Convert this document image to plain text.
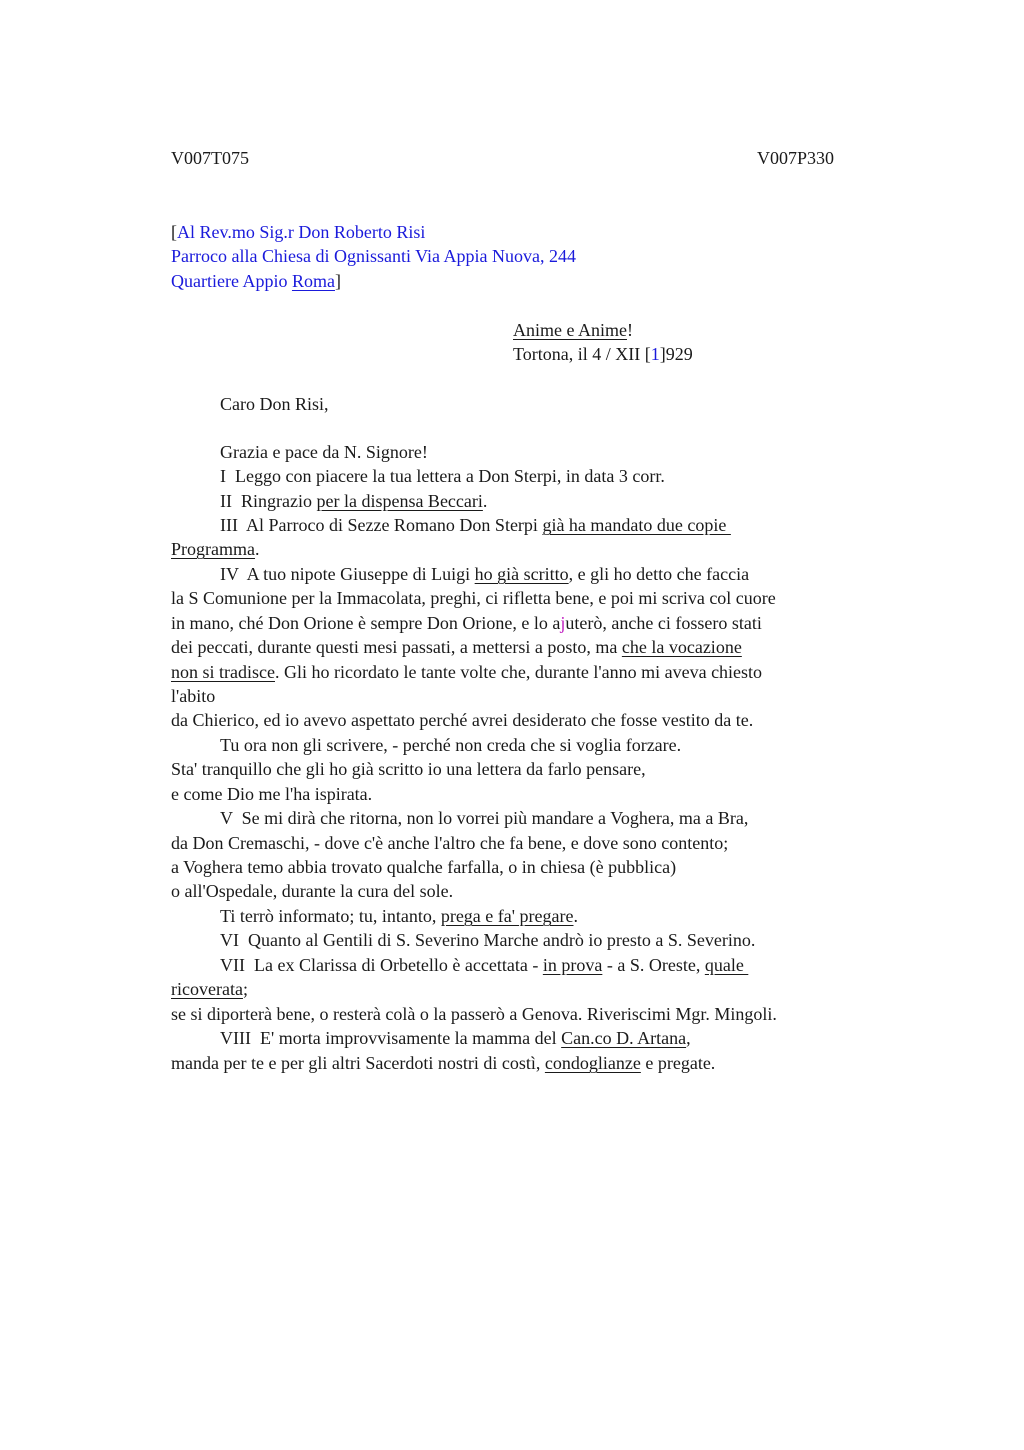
V007T075	V007P330
[Al Rev.mo Sig.r Don Roberto Risi
Parroco alla Chiesa di Ognissanti Via Appia Nuova, 244
Quartiere Appio Roma]
Anime e Anime!
Tortona, il 4 / XII [1]929
Caro Don Risi,
Grazia e pace da N. Signore!
I  Leggo con piacere la tua lettera a Don Sterpi, in data 3 corr.
II  Ringrazio per la dispensa Beccari.
III  Al Parroco di Sezze Romano Don Sterpi già ha mandato due copie
Programma.
IV  A tuo nipote Giuseppe di Luigi ho già scritto, e gli ho detto che faccia
la S Comunione per la Immacolata, preghi, ci rifletta bene, e poi mi scriva col cuore
in mano, ché Don Orione è sempre Don Orione, e lo ajuterò, anche ci fossero stati
dei peccati, durante questi mesi passati, a mettersi a posto, ma che la vocazione
non si tradisce. Gli ho ricordato le tante volte che, durante l'anno mi aveva chiesto
l'abito
da Chierico, ed io avevo aspettato perché avrei desiderato che fosse vestito da te.
Tu ora non gli scrivere, - perché non creda che si voglia forzare.
Sta' tranquillo che gli ho già scritto io una lettera da farlo pensare,
e come Dio me l'ha ispirata.
V  Se mi dirà che ritorna, non lo vorrei più mandare a Voghera, ma a Bra,
da Don Cremaschi, - dove c'è anche l'altro che fa bene, e dove sono contento;
a Voghera temo abbia trovato qualche farfalla, o in chiesa (è pubblica)
o all'Ospedale, durante la cura del sole.
Ti terrò informato; tu, intanto, prega e fa' pregare.
VI  Quanto al Gentili di S. Severino Marche andrò io presto a S. Severino.
VII  La ex Clarissa di Orbetello è accettata - in prova - a S. Oreste, quale
ricoverata;
se si diporterà bene, o resterà colà o la passerò a Genova. Riveriscimi Mgr. Mingoli.
VIII  E' morta improvvisamente la mamma del Can.co D. Artana,
manda per te e per gli altri Sacerdoti nostri di costì, condoglianze e pregate.
